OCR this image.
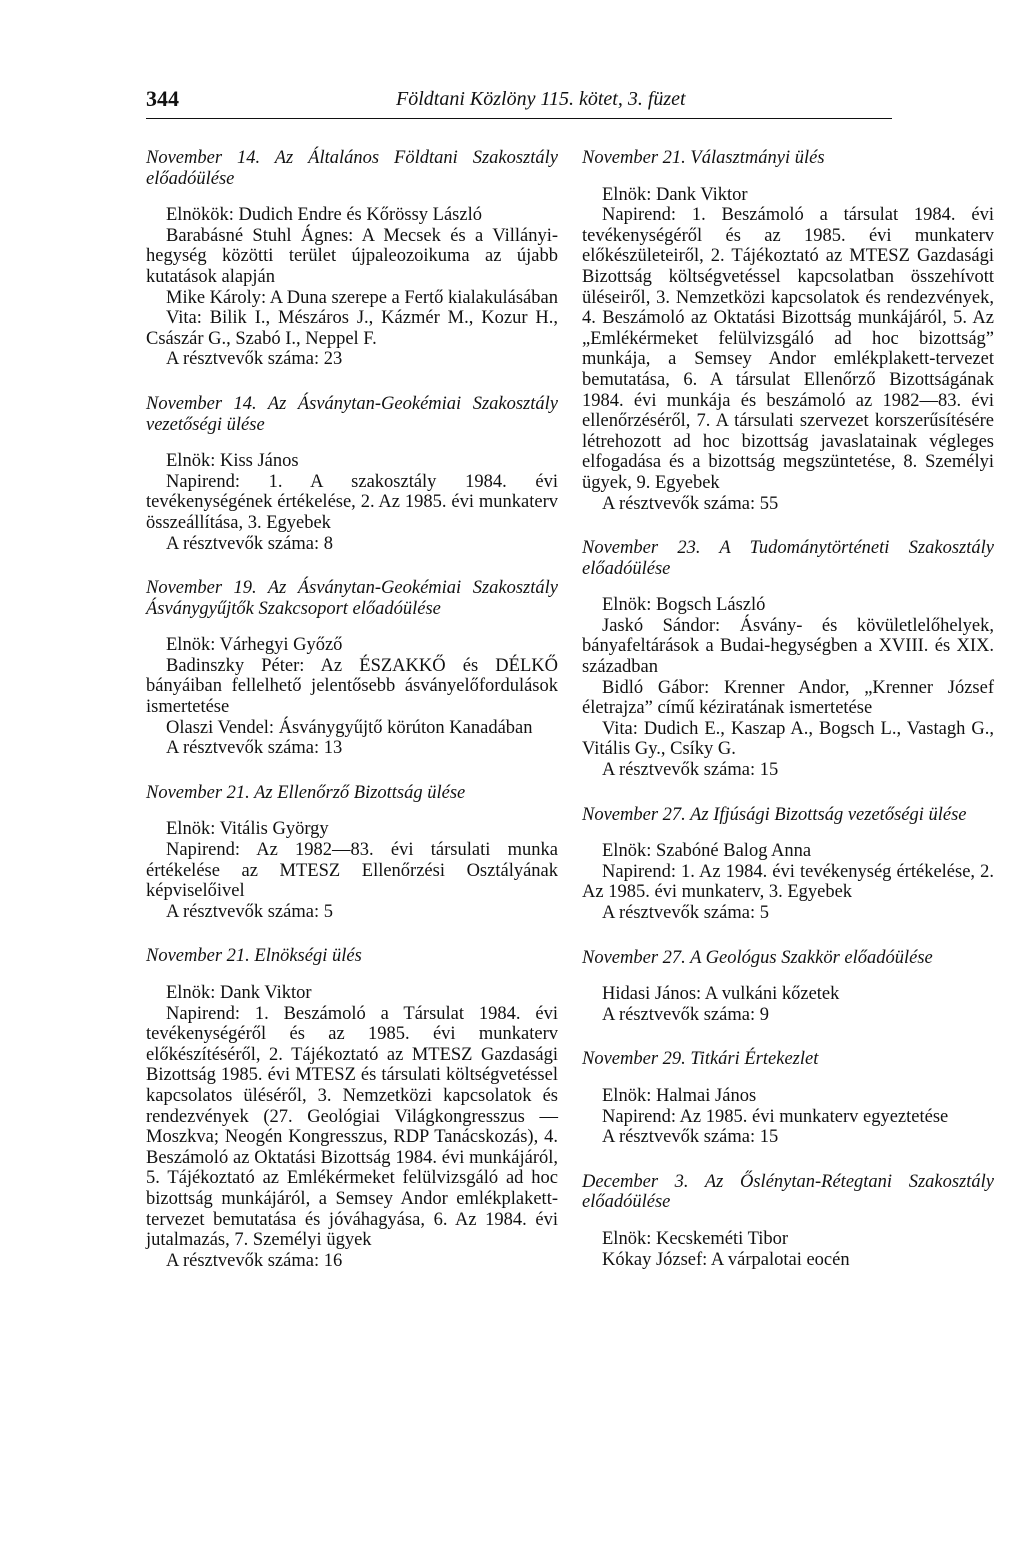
344	Földtani Közlöny 115. kötet, 3. füzet

November 14. Az Általános Földtani Szakosztály előadóülése

Elnökök: Dudich Endre és Kőrössy László

Barabásné Stuhl Ágnes: A Mecsek és a Villányi-hegység közötti terület újpaleozoikuma az újabb kutatások alapján

Mike Károly: A Duna szerepe a Fertő kialakulásában

Vita: Bilik I., Mészáros J., Kázmér M., Kozur H., Császár G., Szabó I., Neppel F.

A résztvevők száma: 23

November 14. Az Ásványtan-Geokémiai Szakosztály vezetőségi ülése

Elnök: Kiss János

Napirend: 1. A szakosztály 1984. évi tevékenységének értékelése, 2. Az 1985. évi munkaterv összeállítása, 3. Egyebek

A résztvevők száma: 8

November 19. Az Ásványtan-Geokémiai Szakosztály Ásványgyűjtők Szakcsoport előadóülése

Elnök: Várhegyi Győző

Badinszky Péter: Az ÉSZAKKŐ és DÉLKŐ bányáiban fellelhető jelentősebb ásványelőfordulások ismertetése

Olaszi Vendel: Ásványgyűjtő körúton Kanadában

A résztvevők száma: 13

November 21. Az Ellenőrző Bizottság ülése

Elnök: Vitális György

Napirend: Az 1982—83. évi társulati munka értékelése az MTESZ Ellenőrzési Osztályának képviselőivel

A résztvevők száma: 5

November 21. Elnökségi ülés

Elnök: Dank Viktor

Napirend: 1. Beszámoló a Társulat 1984. évi tevékenységéről és az 1985. évi munkaterv előkészítéséről, 2. Tájékoztató az MTESZ Gazdasági Bizottság 1985. évi MTESZ és társulati költségvetéssel kapcsolatos üléséről, 3. Nemzetközi kapcsolatok és rendezvények (27. Geológiai Világkongresszus — Moszkva; Neogén Kongresszus, RDP Tanácskozás), 4. Beszámoló az Oktatási Bizottság 1984. évi munkájáról, 5. Tájékoztató az Emlékérmeket felülvizsgáló ad hoc bizottság munkájáról, a Semsey Andor emlékplakett-tervezet bemutatása és jóváhagyása, 6. Az 1984. évi jutalmazás, 7. Személyi ügyek

A résztvevők száma: 16

November 21. Választmányi ülés

Elnök: Dank Viktor

Napirend: 1. Beszámoló a társulat 1984. évi tevékenységéről és az 1985. évi munkaterv előkészületeiről, 2. Tájékoztató az MTESZ Gazdasági Bizottság költségvetéssel kapcsolatban összehívott üléseiről, 3. Nemzetközi kapcsolatok és rendezvények, 4. Beszámoló az Oktatási Bizottság munkájáról, 5. Az „Emlékérmeket felülvizsgáló ad hoc bizottság” munkája, a Semsey Andor emlékplakett-tervezet bemutatása, 6. A társulat Ellenőrző Bizottságának 1984. évi munkája és beszámoló az 1982—83. évi ellenőrzéséről, 7. A társulati szervezet korszerűsítésére létrehozott ad hoc bizottság javaslatainak végleges elfogadása és a bizottság megszüntetése, 8. Személyi ügyek, 9. Egyebek

A résztvevők száma: 55

November 23. A Tudománytörténeti Szakosztály előadóülése

Elnök: Bogsch László

Jaskó Sándor: Ásvány- és kövületlelőhelyek, bányafeltárások a Budai-hegységben a XVIII. és XIX. században

Bidló Gábor: Krenner Andor, „Krenner József életrajza” című kéziratának ismertetése

Vita: Dudich E., Kaszap A., Bogsch L., Vastagh G., Vitális Gy., Csíky G.

A résztvevők száma: 15

November 27. Az Ifjúsági Bizottság vezetőségi ülése

Elnök: Szabóné Balog Anna

Napirend: 1. Az 1984. évi tevékenység értékelése, 2. Az 1985. évi munkaterv, 3. Egyebek

A résztvevők száma: 5

November 27. A Geológus Szakkör előadóülése

Hidasi János: A vulkáni kőzetek

A résztvevők száma: 9

November 29. Titkári Értekezlet

Elnök: Halmai János

Napirend: Az 1985. évi munkaterv egyeztetése

A résztvevők száma: 15

December 3. Az Őslénytan-Rétegtani Szakosztály előadóülése

Elnök: Kecskeméti Tibor

Kókay József: A várpalotai eocén
